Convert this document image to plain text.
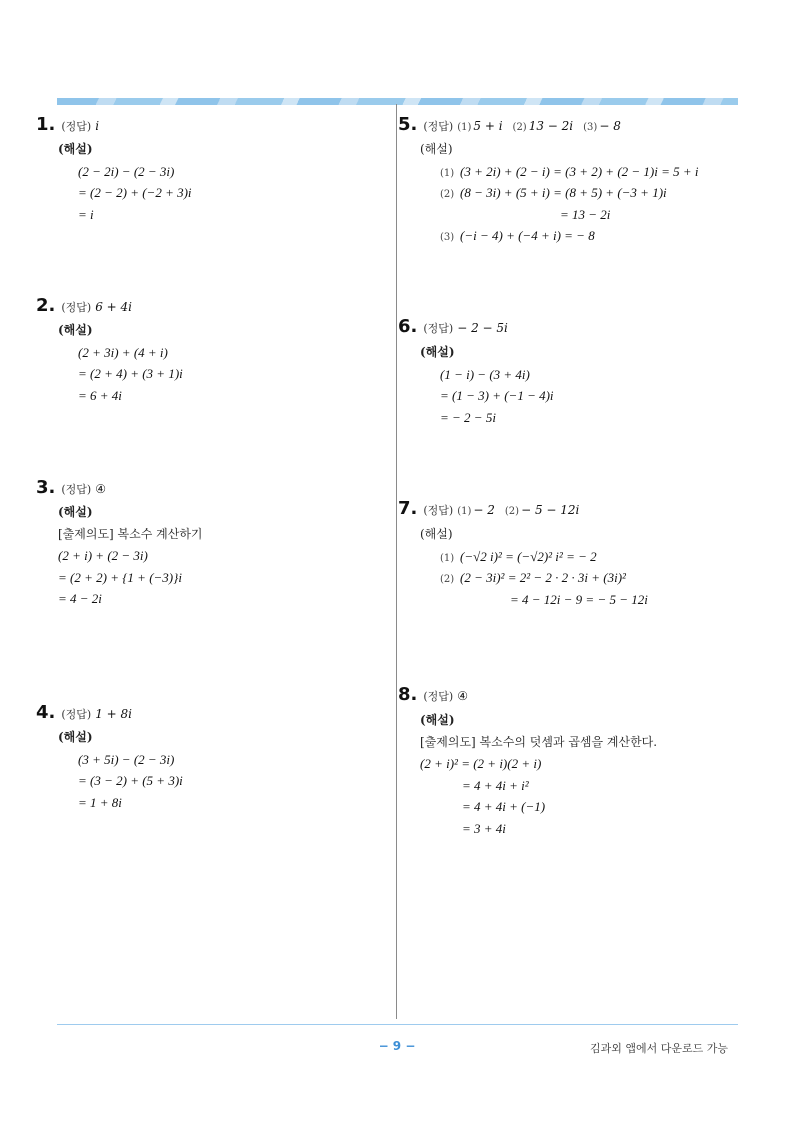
1. (정답) i
(해설)
(2 − 2i) − (2 − 3i)
= (2 − 2) + (−2 + 3)i
= i
2. (정답) 6 + 4i
(해설)
(2 + 3i) + (4 + i)
= (2 + 4) + (3 + 1)i
= 6 + 4i
3. (정답) ④
(해설)
[출제의도] 복소수 계산하기
(2 + i) + (2 − 3i)
= (2 + 2) + {1 + (−3)}i
= 4 − 2i
4. (정답) 1 + 8i
(해설)
(3 + 5i) − (2 − 3i)
= (3 − 2) + (5 + 3)i
= 1 + 8i
5. (정답) (1) 5 + i (2) 13 − 2i (3) − 8
(해설)
(1) (3 + 2i) + (2 − i) = (3 + 2) + (2 − 1)i = 5 + i
(2) (8 − 3i) + (5 + i) = (8 + 5) + (−3 + 1)i
= 13 − 2i
(3) (−i − 4) + (−4 + i) = − 8
6. (정답) − 2 − 5i
(해설)
(1 − i) − (3 + 4i)
= (1 − 3) + (−1 − 4)i
= − 2 − 5i
7. (정답) (1) − 2 (2) − 5 − 12i
(해설)
(1) (−√2 i)² = (−√2)² i² = − 2
(2) (2 − 3i)² = 2² − 2 · 2 · 3i + (3i)²
= 4 − 12i − 9 = − 5 − 12i
8. (정답) ④
(해설)
[출제의도] 복소수의 덧셈과 곱셈을 계산한다.
(2 + i)² = (2 + i)(2 + i)
= 4 + 4i + i²
= 4 + 4i + (−1)
= 3 + 4i
− 9 −	김과외 앱에서 다운로드 가능
